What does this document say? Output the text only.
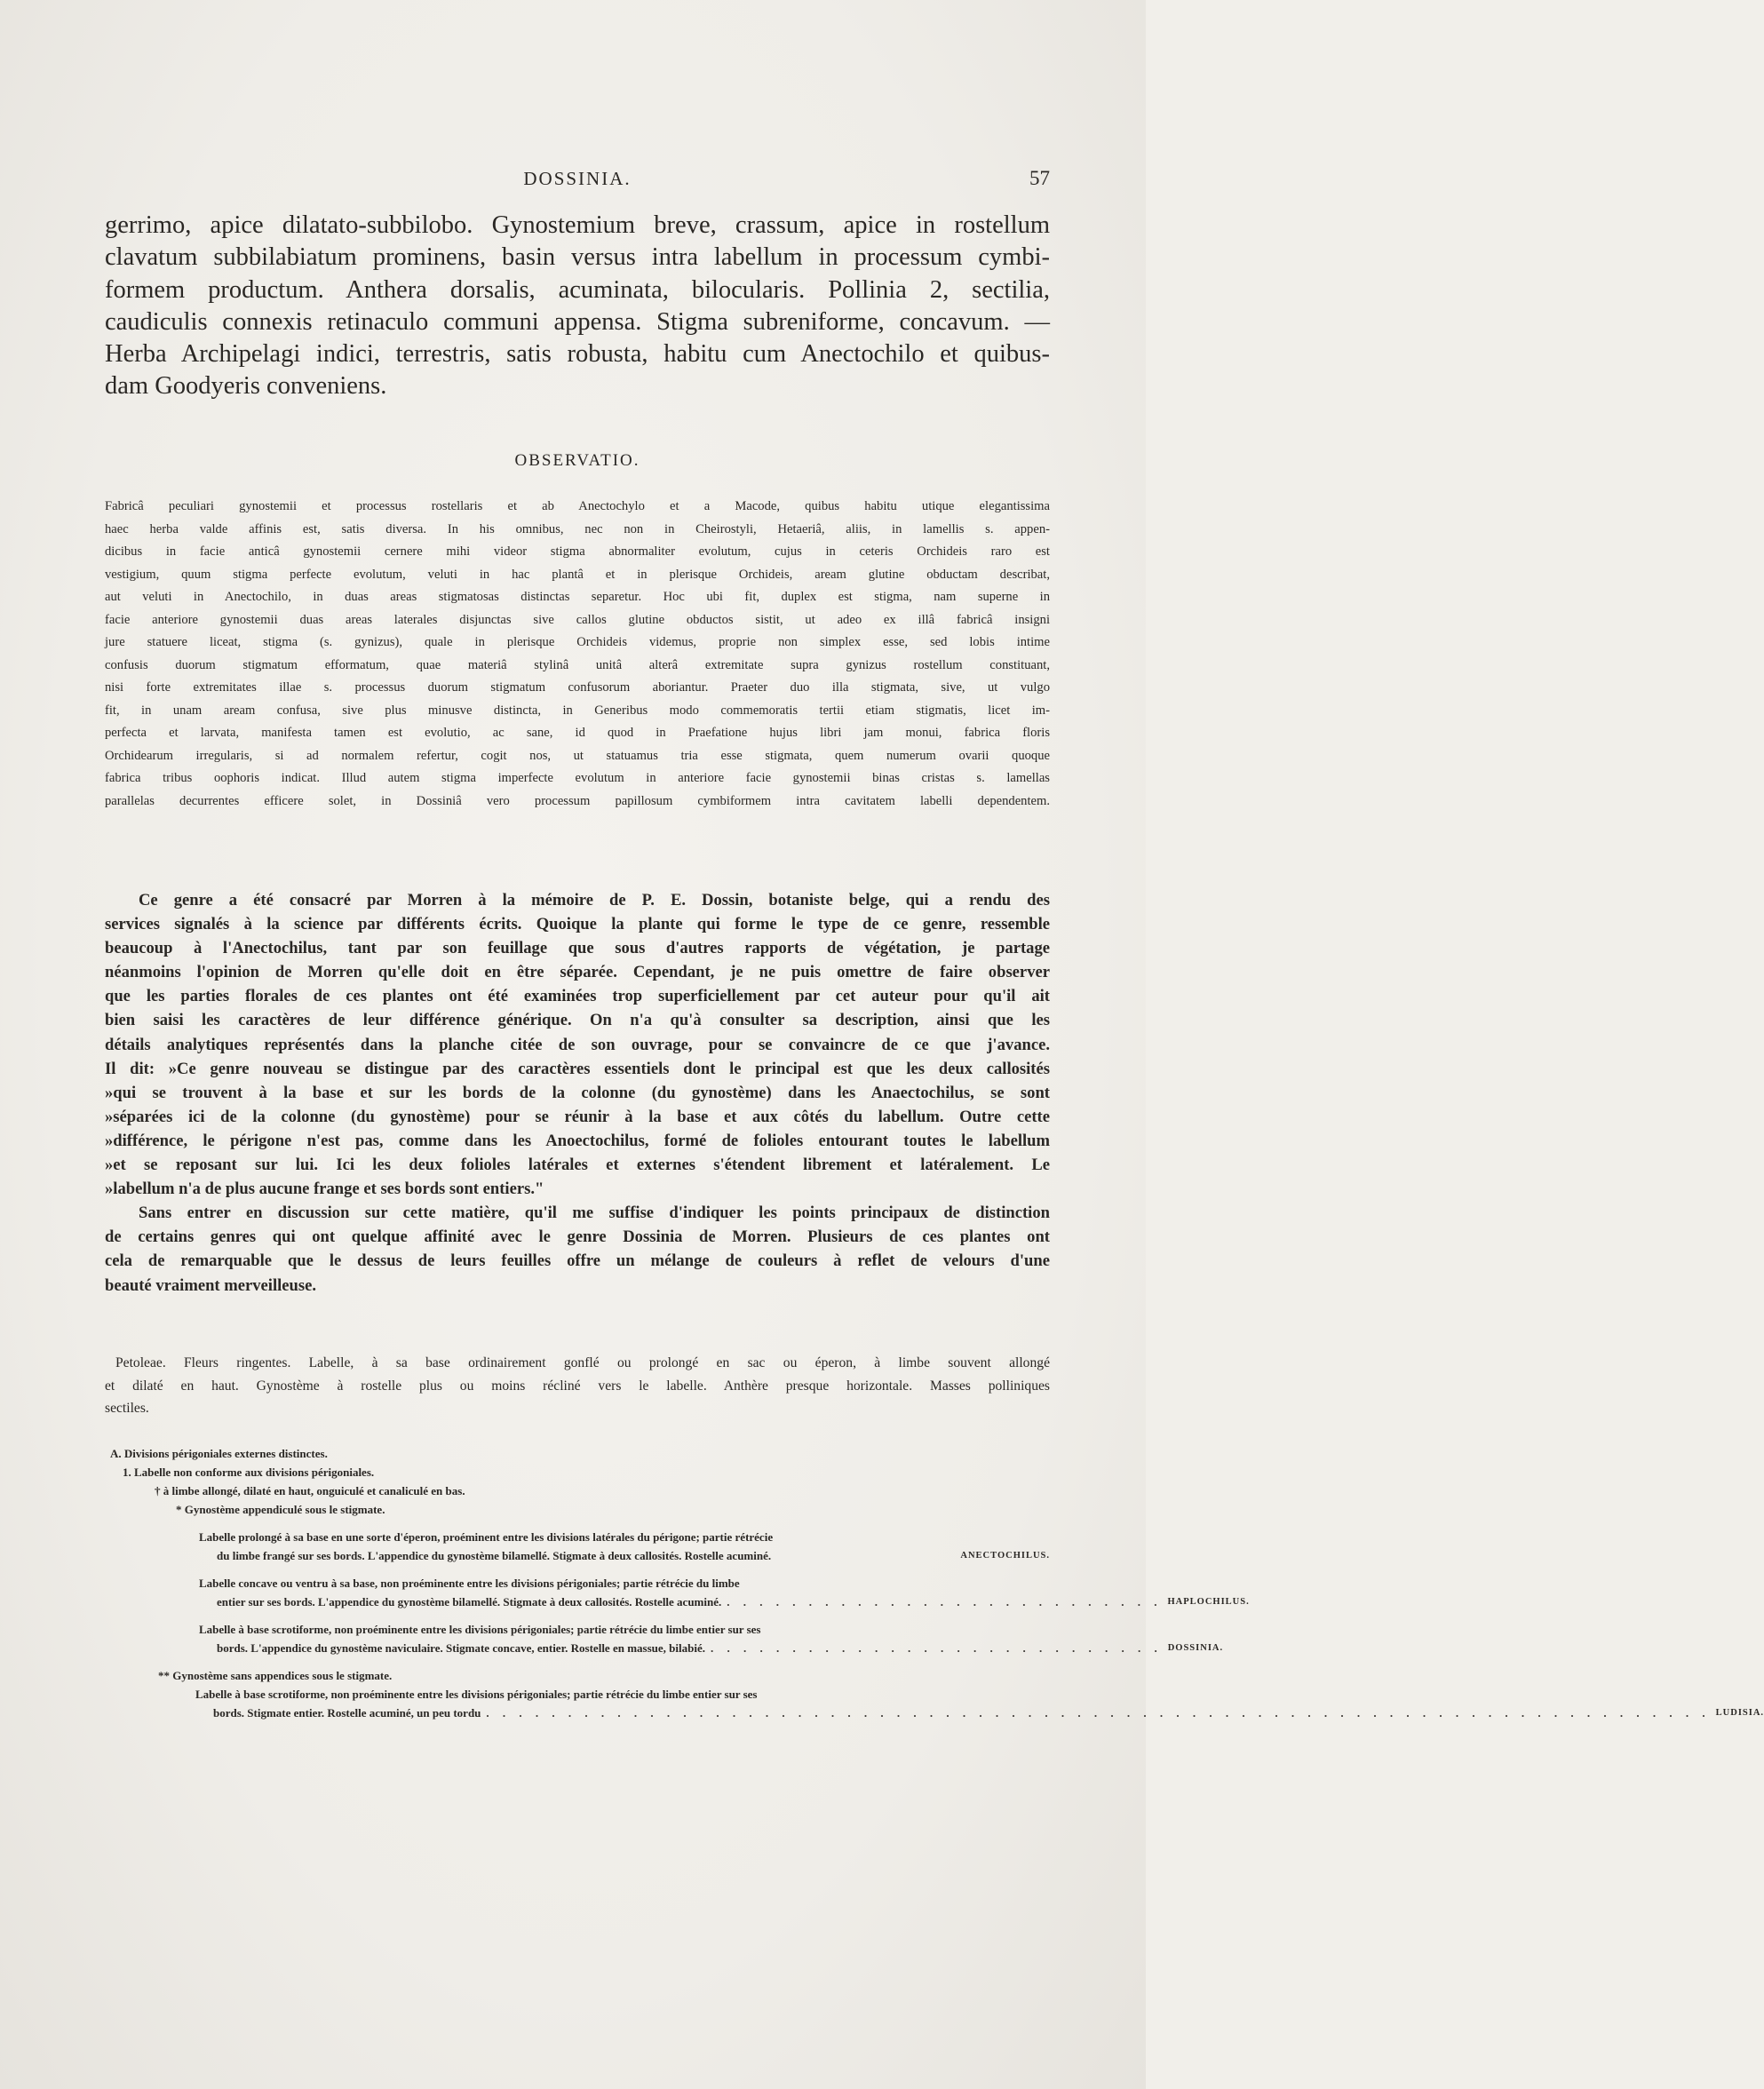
DOSSINIA.	57

gerrimo, apice dilatato-subbilobo. Gynostemium breve, crassum, apice in rostellum

clavatum subbilabiatum prominens, basin versus intra labellum in processum cymbi-

formem productum. Anthera dorsalis, acuminata, bilocularis. Pollinia 2, sectilia,

caudiculis connexis retinaculo communi appensa. Stigma subreniforme, concavum. —

Herba Archipelagi indici, terrestris, satis robusta, habitu cum Anectochilo et quibus-

dam Goodyeris conveniens.

OBSERVATIO.

Fabricâ peculiari gynostemii et processus rostellaris et ab Anectochylo et a Macode, quibus habitu utique elegantissima

haec herba valde affinis est, satis diversa. In his omnibus, nec non in Cheirostyli, Hetaeriâ, aliis, in lamellis s. appen-

dicibus in facie anticâ gynostemii cernere mihi videor stigma abnormaliter evolutum, cujus in ceteris Orchideis raro est

vestigium, quum stigma perfecte evolutum, veluti in hac plantâ et in plerisque Orchideis, aream glutine obductam describat,

aut veluti in Anectochilo, in duas areas stigmatosas distinctas separetur. Hoc ubi fit, duplex est stigma, nam superne in

facie anteriore gynostemii duas areas laterales disjunctas sive callos glutine obductos sistit, ut adeo ex illâ fabricâ insigni

jure statuere liceat, stigma (s. gynizus), quale in plerisque Orchideis videmus, proprie non simplex esse, sed lobis intime

confusis duorum stigmatum efformatum, quae materiâ stylinâ unitâ alterâ extremitate supra gynizus rostellum constituant,

nisi forte extremitates illae s. processus duorum stigmatum confusorum aboriantur. Praeter duo illa stigmata, sive, ut vulgo

fit, in unam aream confusa, sive plus minusve distincta, in Generibus modo commemoratis tertii etiam stigmatis, licet im-

perfecta et larvata, manifesta tamen est evolutio, ac sane, id quod in Praefatione hujus libri jam monui, fabrica floris

Orchidearum irregularis, si ad normalem refertur, cogit nos, ut statuamus tria esse stigmata, quem numerum ovarii quoque

fabrica tribus oophoris indicat. Illud autem stigma imperfecte evolutum in anteriore facie gynostemii binas cristas s. lamellas

parallelas decurrentes efficere solet, in Dossiniâ vero processum papillosum cymbiformem intra cavitatem labelli dependentem.

Ce genre a été consacré par Morren à la mémoire de P. E. Dossin, botaniste belge, qui a rendu des

services signalés à la science par différents écrits. Quoique la plante qui forme le type de ce genre, ressemble

beaucoup à l'Anectochilus, tant par son feuillage que sous d'autres rapports de végétation, je partage

néanmoins l'opinion de Morren qu'elle doit en être séparée. Cependant, je ne puis omettre de faire observer

que les parties florales de ces plantes ont été examinées trop superficiellement par cet auteur pour qu'il ait

bien saisi les caractères de leur différence générique. On n'a qu'à consulter sa description, ainsi que les

détails analytiques représentés dans la planche citée de son ouvrage, pour se convaincre de ce que j'avance.

Il dit: »Ce genre nouveau se distingue par des caractères essentiels dont le principal est que les deux callosités

»qui se trouvent à la base et sur les bords de la colonne (du gynostème) dans les Anaectochilus, se sont

»séparées ici de la colonne (du gynostème) pour se réunir à la base et aux côtés du labellum. Outre cette

»différence, le périgone n'est pas, comme dans les Anoectochilus, formé de folioles entourant toutes le labellum

»et se reposant sur lui. Ici les deux folioles latérales et externes s'étendent librement et latéralement. Le

»labellum n'a de plus aucune frange et ses bords sont entiers."

Sans entrer en discussion sur cette matière, qu'il me suffise d'indiquer les points principaux de distinction

de certains genres qui ont quelque affinité avec le genre Dossinia de Morren. Plusieurs de ces plantes ont

cela de remarquable que le dessus de leurs feuilles offre un mélange de couleurs à reflet de velours d'une

beauté vraiment merveilleuse.

Petoleae. Fleurs ringentes. Labelle, à sa base ordinairement gonflé ou prolongé en sac ou éperon, à limbe souvent allongé

et dilaté en haut. Gynostème à rostelle plus ou moins récliné vers le labelle. Anthère presque horizontale. Masses polliniques

sectiles.

A. Divisions périgoniales externes distinctes.

1. Labelle non conforme aux divisions périgoniales.

† à limbe allongé, dilaté en haut, onguiculé et canaliculé en bas.

* Gynostème appendiculé sous le stigmate.

Labelle prolongé à sa base en une sorte d'éperon, proéminent entre les divisions latérales du périgone; partie rétrécie
du limbe frangé sur ses bords. L'appendice du gynostème bilamellé. Stigmate à deux callosités. Rostelle acuminé.	ANECTOCHILUS.
Labelle concave ou ventru à sa base, non proéminente entre les divisions périgoniales; partie rétrécie du limbe
entier sur ses bords. L'appendice du gynostème bilamellé. Stigmate à deux callosités. Rostelle acuminé. . . . . . . . . . . . . . . . . . . . . . . . . . . . HAPLOCHILUS.
Labelle à base scrotiforme, non proéminente entre les divisions périgoniales; partie rétrécie du limbe entier sur ses
bords. L'appendice du gynostème naviculaire. Stigmate concave, entier. Rostelle en massue, bilabié. . . . . . . . . . . . . . . . . . . . . . . . . . . . . DOSSINIA.

** Gynostème sans appendices sous le stigmate.

Labelle à base scrotiforme, non proéminente entre les divisions périgoniales; partie rétrécie du limbe entier sur ses
bords. Stigmate entier. Rostelle acuminé, un peu tordu . . . . . . . . . . . . . . . . . . . . . . . . . . . . . . . . . . . . . . . . . . . . . . . . . . . . . . . . . . . . . . . . . . . . . . . . . . . LUDISIA.
